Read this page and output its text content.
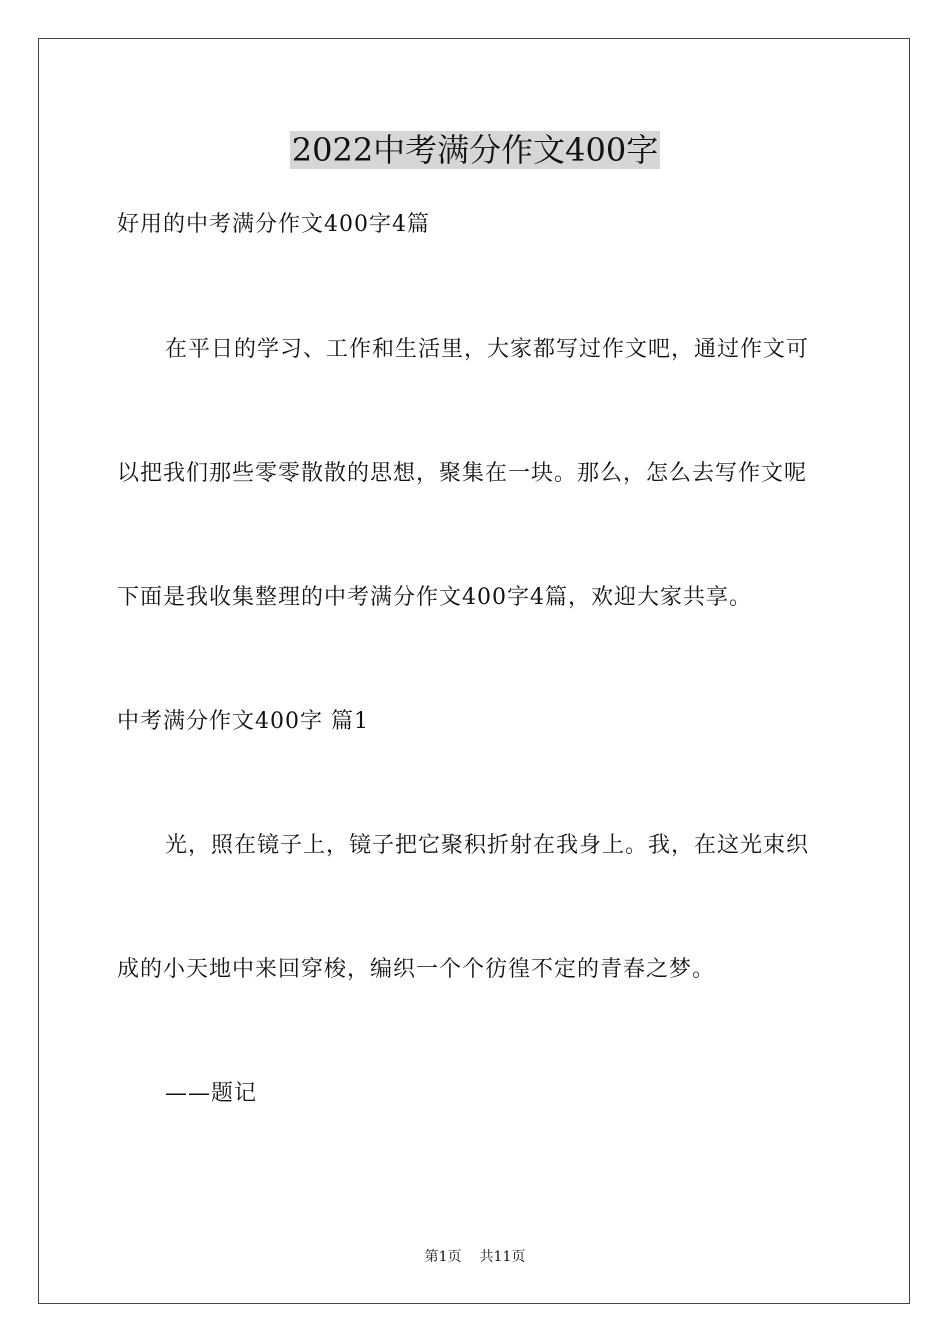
2022中考满分作文400字
好用的中考满分作文400字4篇
在平日的学习、工作和生活里，大家都写过作文吧，通过作文可
以把我们那些零零散散的思想，聚集在一块。那么，怎么去写作文呢
下面是我收集整理的中考满分作文400字4篇，欢迎大家共享。
中考满分作文400字 篇1
光，照在镜子上，镜子把它聚积折射在我身上。我，在这光束织
成的小天地中来回穿梭，编织一个个彷徨不定的青春之梦。
——题记
第1页 共11页
